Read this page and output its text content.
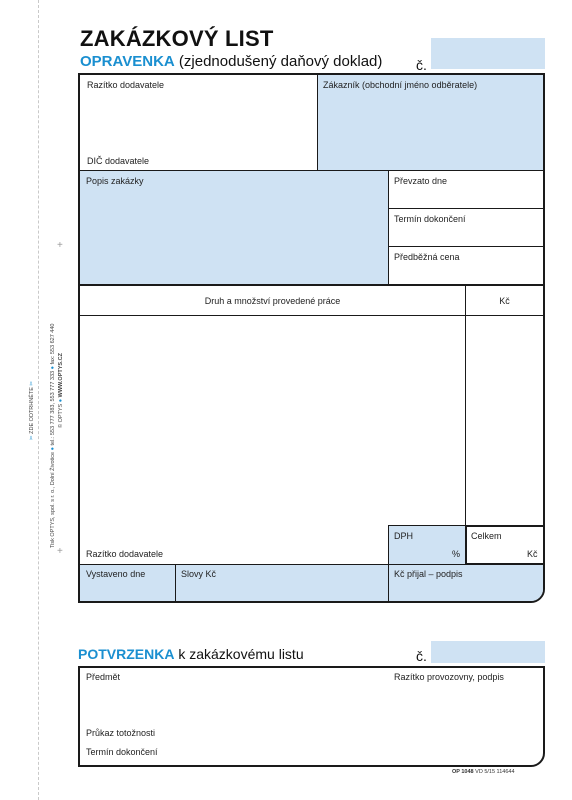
✂ ZDE ODTRHNĚTE ✂
Tisk OPTYS, spol. s r. o., Dolní Životice ● tel.: 553 777 383, 553 777 333 ● fax: 553 627 440
© OPTYS ● WWW.OPTYS.CZ
+
+
ZAKÁZKOVÝ LIST
OPRAVENKA (zjednodušený daňový doklad) č.
Razítko dodavatele
DIČ dodavatele
Zákazník (obchodní jméno odběratele)
Popis zakázky	Převzato dne
Termín dokončení
Předběžná cena
Druh a množství provedené práce	Kč
DPH
%
Celkem
Kč
Razítko dodavatele
Vystaveno dne	Slovy Kč	Kč přijal – podpis
POTVRZENKA k zakázkovému listu	č.
Předmět	Razítko provozovny, podpis
Průkaz totožnosti
Termín dokončení
OP 1048 VD 5/15 114644
